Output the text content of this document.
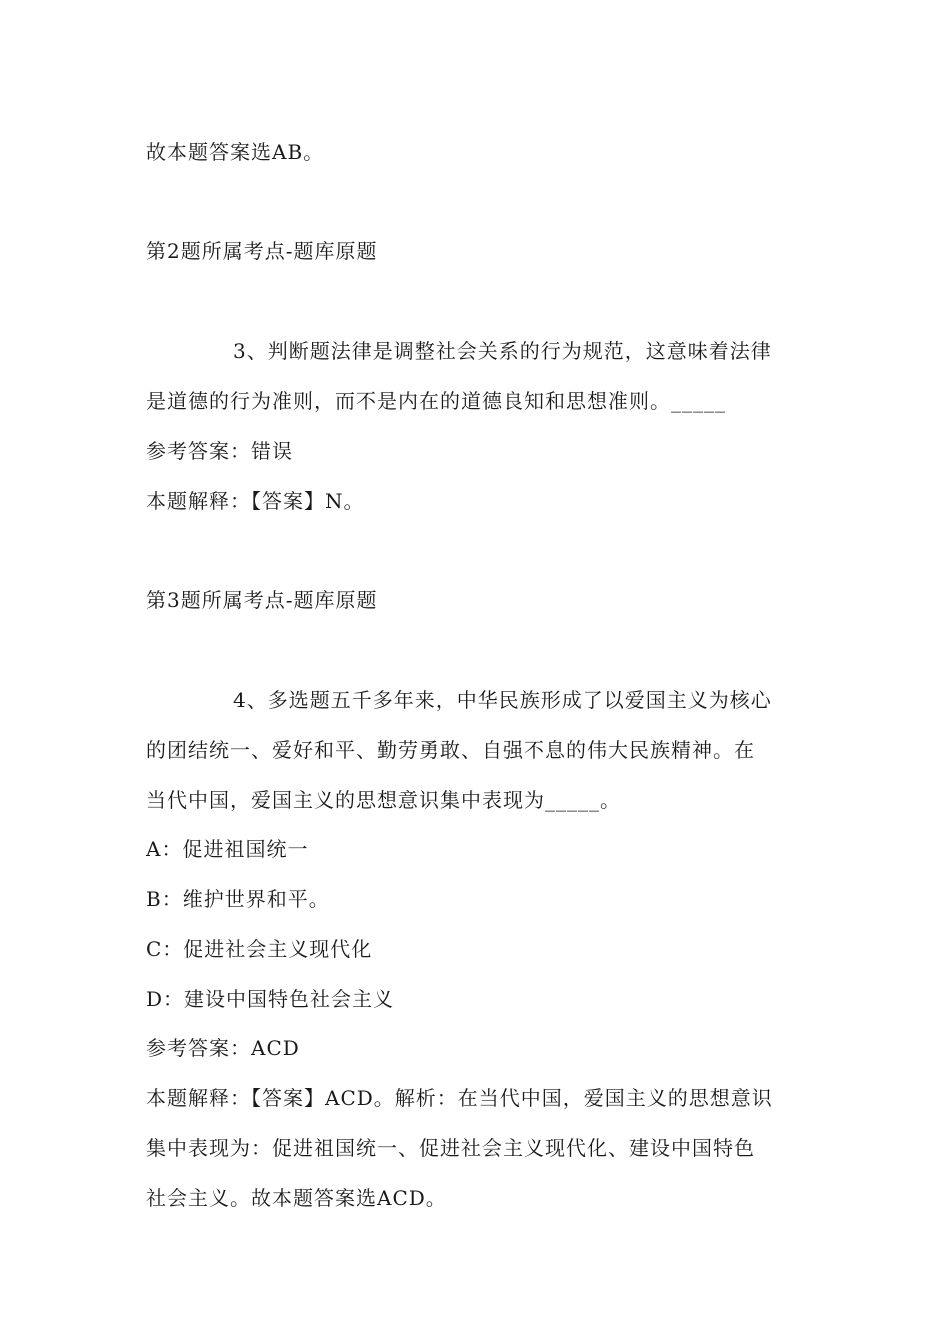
故本题答案选AB。
第2题所属考点-题库原题
3、判断题法律是调整社会关系的行为规范，这意味着法律
是道德的行为准则，而不是内在的道德良知和思想准则。_____
参考答案：错误
本题解释：【答案】N。
第3题所属考点-题库原题
4、多选题五千多年来，中华民族形成了以爱国主义为核心
的团结统一、爱好和平、勤劳勇敢、自强不息的伟大民族精神。在
当代中国，爱国主义的思想意识集中表现为_____。
A：促进祖国统一
B：维护世界和平。
C：促进社会主义现代化
D：建设中国特色社会主义
参考答案：ACD
本题解释：【答案】ACD。解析：在当代中国，爱国主义的思想意识
集中表现为：促进祖国统一、促进社会主义现代化、建设中国特色
社会主义。故本题答案选ACD。
